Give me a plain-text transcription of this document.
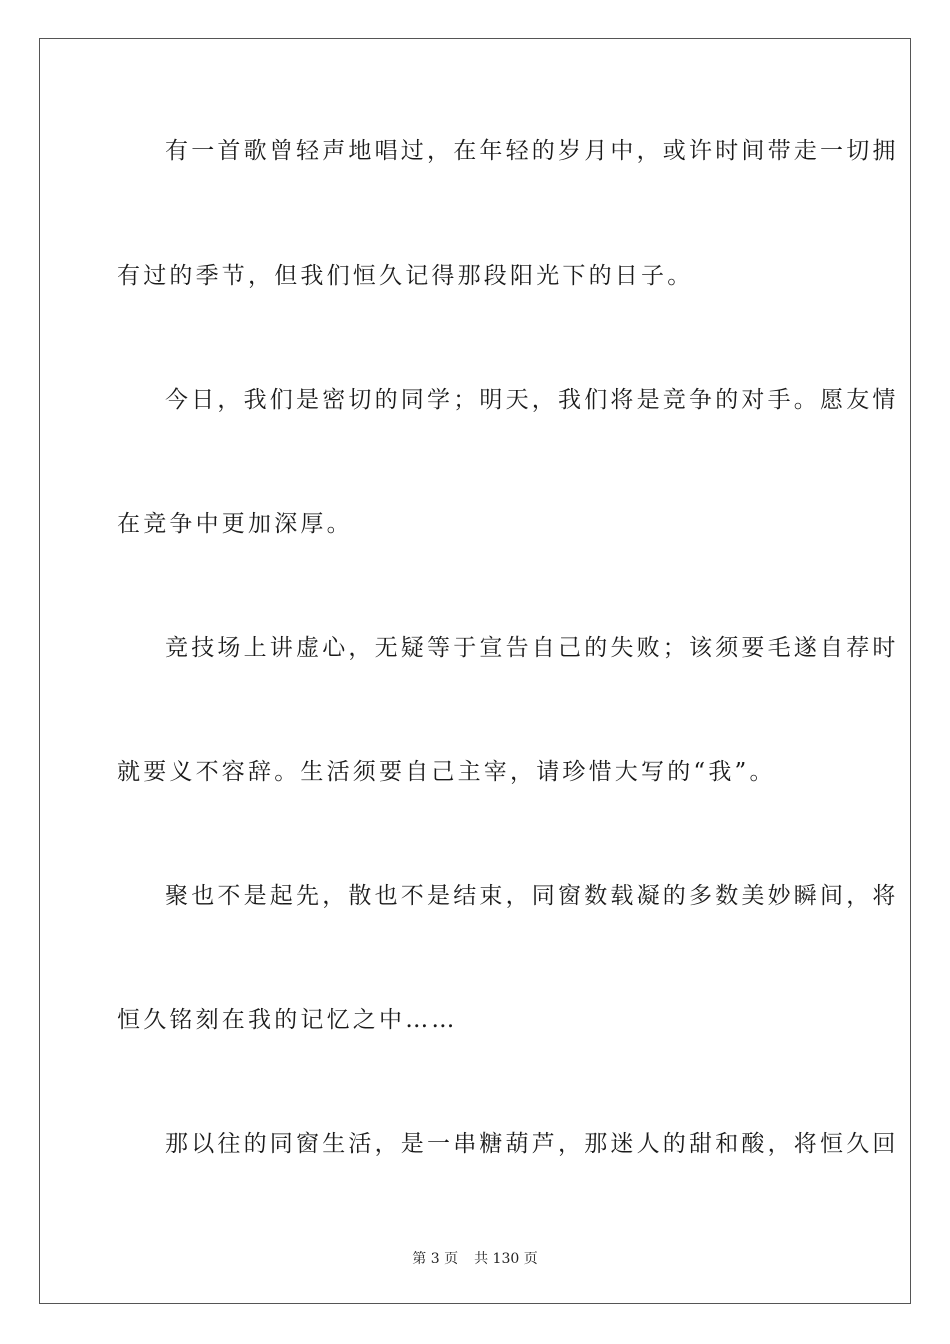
有一首歌曾轻声地唱过，在年轻的岁月中，或许时间带走一切拥
有过的季节，但我们恒久记得那段阳光下的日子。
今日，我们是密切的同学；明天，我们将是竞争的对手。愿友情
在竞争中更加深厚。
竞技场上讲虚心，无疑等于宣告自己的失败；该须要毛遂自荐时
就要义不容辞。生活须要自己主宰，请珍惜大写的“我”。
聚也不是起先，散也不是结束，同窗数载凝的多数美妙瞬间，将
恒久铭刻在我的记忆之中……
那以往的同窗生活，是一串糖葫芦，那迷人的甜和酸，将恒久回
第 3 页 共 130 页
